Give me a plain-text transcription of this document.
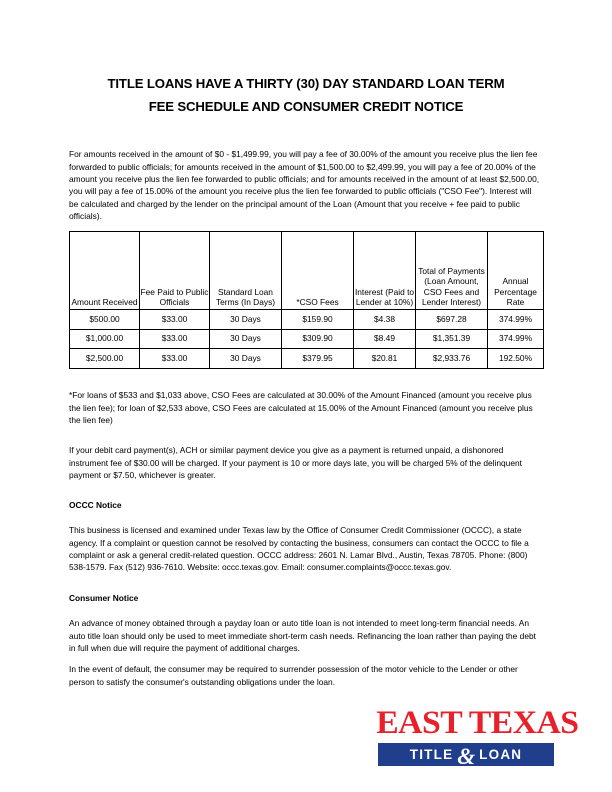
TITLE LOANS HAVE A THIRTY (30) DAY STANDARD LOAN TERM
FEE SCHEDULE AND CONSUMER CREDIT NOTICE

For amounts received in the amount of $0 - $1,499.99, you will pay a fee of 30.00% of the amount you receive plus the lien fee forwarded to public officials; for amounts received in the amount of $1,500.00 to $2,499.99, you will pay a fee of 20.00% of the amount you receive plus the lien fee forwarded to public officials; and for amounts received in the amount of at least $2,500.00, you will pay a fee of 15.00% of the amount you receive plus the lien fee forwarded to public officials ("CSO Fee"). Interest will be calculated and charged by the lender on the principal amount of the Loan (Amount that you receive + fee paid to public officials).

Amount Received	Fee Paid to Public Officials	Standard Loan Terms (In Days)	*CSO Fees	Interest (Paid to Lender at 10%)	Total of Payments (Loan Amount, CSO Fees and Lender Interest)	Annual Percentage Rate
$500.00	$33.00	30 Days	$159.90	$4.38	$697.28	374.99%
$1,000.00	$33.00	30 Days	$309.90	$8.49	$1,351.39	374.99%
$2,500.00	$33.00	30 Days	$379.95	$20.81	$2,933.76	192.50%

*For loans of $533 and $1,033 above, CSO Fees are calculated at 30.00% of the Amount Financed (amount you receive plus the lien fee); for loan of $2,533 above, CSO Fees are calculated at 15.00% of the Amount Financed (amount you receive plus the lien fee)

If your debit card payment(s), ACH or similar payment device you give as a payment is returned unpaid, a dishonored instrument fee of $30.00 will be charged. If your payment is 10 or more days late, you will be charged 5% of the delinquent payment or $7.50, whichever is greater.

OCCC Notice

This business is licensed and examined under Texas law by the Office of Consumer Credit Commissioner (OCCC), a state agency. If a complaint or question cannot be resolved by contacting the business, consumers can contact the OCCC to file a complaint or ask a general credit-related question. OCCC address: 2601 N. Lamar Blvd., Austin, Texas 78705. Phone: (800) 538-1579. Fax (512) 936-7610. Website: occc.texas.gov. Email: consumer.complaints@occc.texas.gov.

Consumer Notice

An advance of money obtained through a payday loan or auto title loan is not intended to meet long-term financial needs. An auto title loan should only be used to meet immediate short-term cash needs. Refinancing the loan rather than paying the debt in full when due will require the payment of additional charges.

In the event of default, the consumer may be required to surrender possession of the motor vehicle to the Lender or other person to satisfy the consumer's outstanding obligations under the loan.

EAST TEXAS
TITLE & LOAN
